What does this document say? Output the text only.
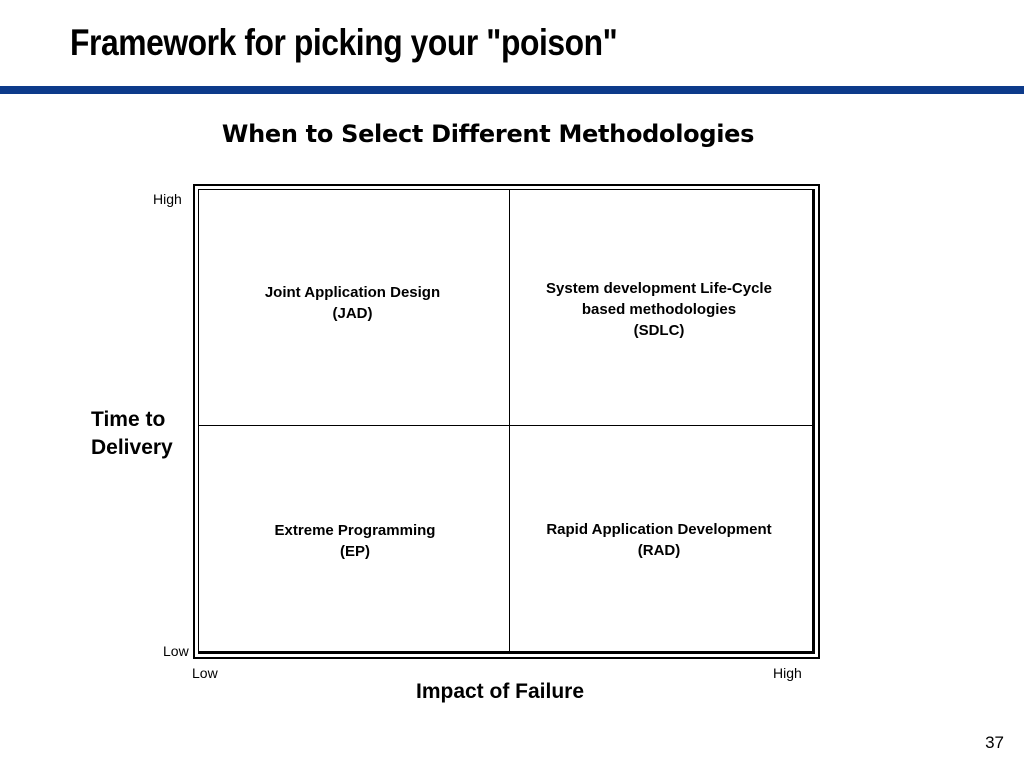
Framework for picking your "poison"
When to Select Different Methodologies
Joint Application Design
(JAD)
System development Life-Cycle
based methodologies
(SDLC)
Extreme Programming
(EP)
Rapid Application Development
(RAD)
High
Low
Low	High
Time to
Delivery
Impact of Failure
37
